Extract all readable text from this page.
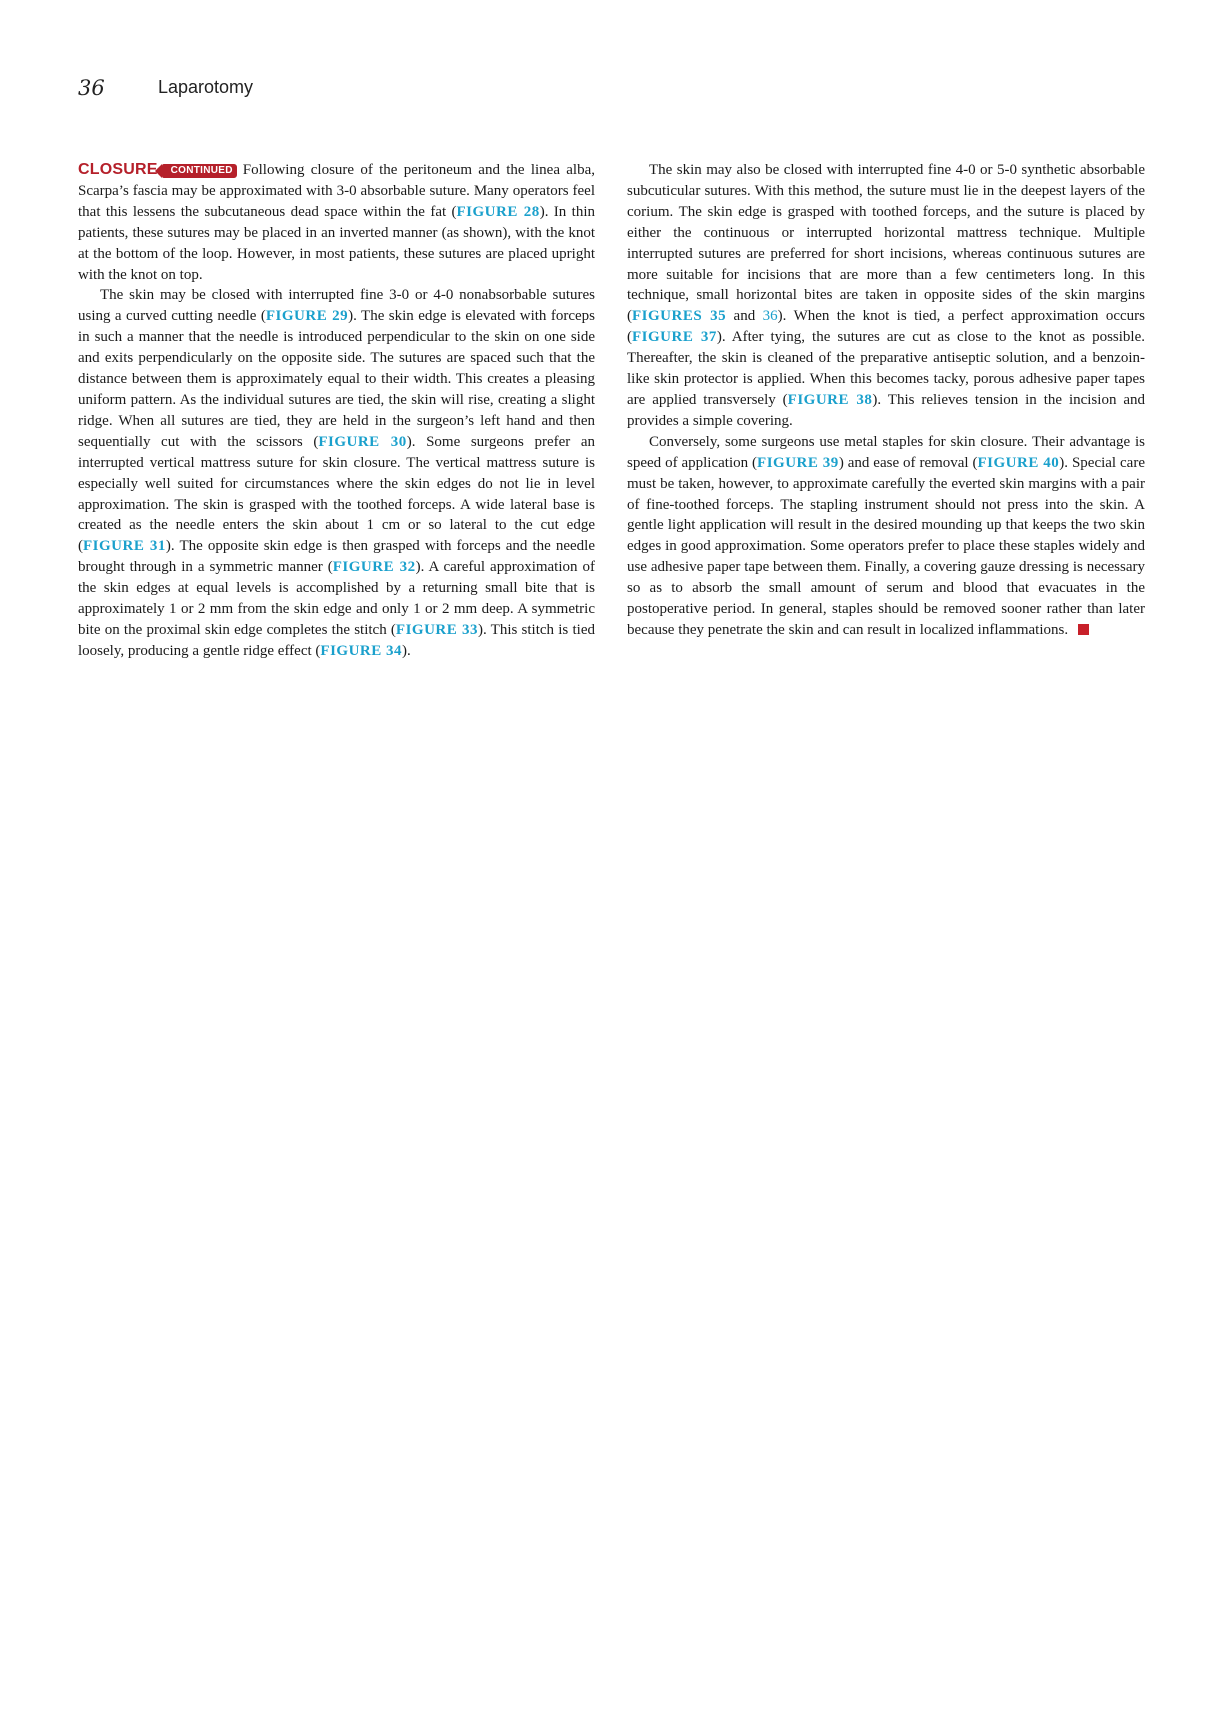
36	Laparotomy

CLOSURE CONTINUED Following closure of the peritoneum and the linea alba, Scarpa’s fascia may be approximated with 3-0 absorbable suture. Many operators feel that this lessens the subcutaneous dead space within the fat (FIGURE 28). In thin patients, these sutures may be placed in an inverted manner (as shown), with the knot at the bottom of the loop. However, in most patients, these sutures are placed upright with the knot on top.

The skin may be closed with interrupted fine 3-0 or 4-0 nonabsorbable sutures using a curved cutting needle (FIGURE 29). The skin edge is elevated with forceps in such a manner that the needle is introduced perpendicular to the skin on one side and exits perpendicularly on the opposite side. The sutures are spaced such that the distance between them is approximately equal to their width. This creates a pleasing uniform pattern. As the individual sutures are tied, the skin will rise, creating a slight ridge. When all sutures are tied, they are held in the surgeon’s left hand and then sequentially cut with the scissors (FIGURE 30). Some surgeons prefer an interrupted vertical mattress suture for skin closure. The vertical mattress suture is especially well suited for circumstances where the skin edges do not lie in level approximation. The skin is grasped with the toothed forceps. A wide lateral base is created as the needle enters the skin about 1 cm or so lateral to the cut edge (FIGURE 31). The opposite skin edge is then grasped with forceps and the needle brought through in a symmetric manner (FIGURE 32). A careful approximation of the skin edges at equal levels is accomplished by a returning small bite that is approximately 1 or 2 mm from the skin edge and only 1 or 2 mm deep. A symmetric bite on the proximal skin edge completes the stitch (FIGURE 33). This stitch is tied loosely, producing a gentle ridge effect (FIGURE 34).

The skin may also be closed with interrupted fine 4-0 or 5-0 synthetic absorbable subcuticular sutures. With this method, the suture must lie in the deepest layers of the corium. The skin edge is grasped with toothed forceps, and the suture is placed by either the continuous or interrupted horizontal mattress technique. Multiple interrupted sutures are preferred for short incisions, whereas continuous sutures are more suitable for incisions that are more than a few centimeters long. In this technique, small horizontal bites are taken in opposite sides of the skin margins (FIGURES 35 and 36). When the knot is tied, a perfect approximation occurs (FIGURE 37). After tying, the sutures are cut as close to the knot as possible. Thereafter, the skin is cleaned of the preparative antiseptic solution, and a benzoin-like skin protector is applied. When this becomes tacky, porous adhesive paper tapes are applied transversely (FIGURE 38). This relieves tension in the incision and provides a simple covering.

Conversely, some surgeons use metal staples for skin closure. Their advantage is speed of application (FIGURE 39) and ease of removal (FIGURE 40). Special care must be taken, however, to approximate carefully the everted skin margins with a pair of fine-toothed forceps. The stapling instrument should not press into the skin. A gentle light application will result in the desired mounding up that keeps the two skin edges in good approximation. Some operators prefer to place these staples widely and use adhesive paper tape between them. Finally, a covering gauze dressing is necessary so as to absorb the small amount of serum and blood that evacuates in the postoperative period. In general, staples should be removed sooner rather than later because they penetrate the skin and can result in localized inflammations.
